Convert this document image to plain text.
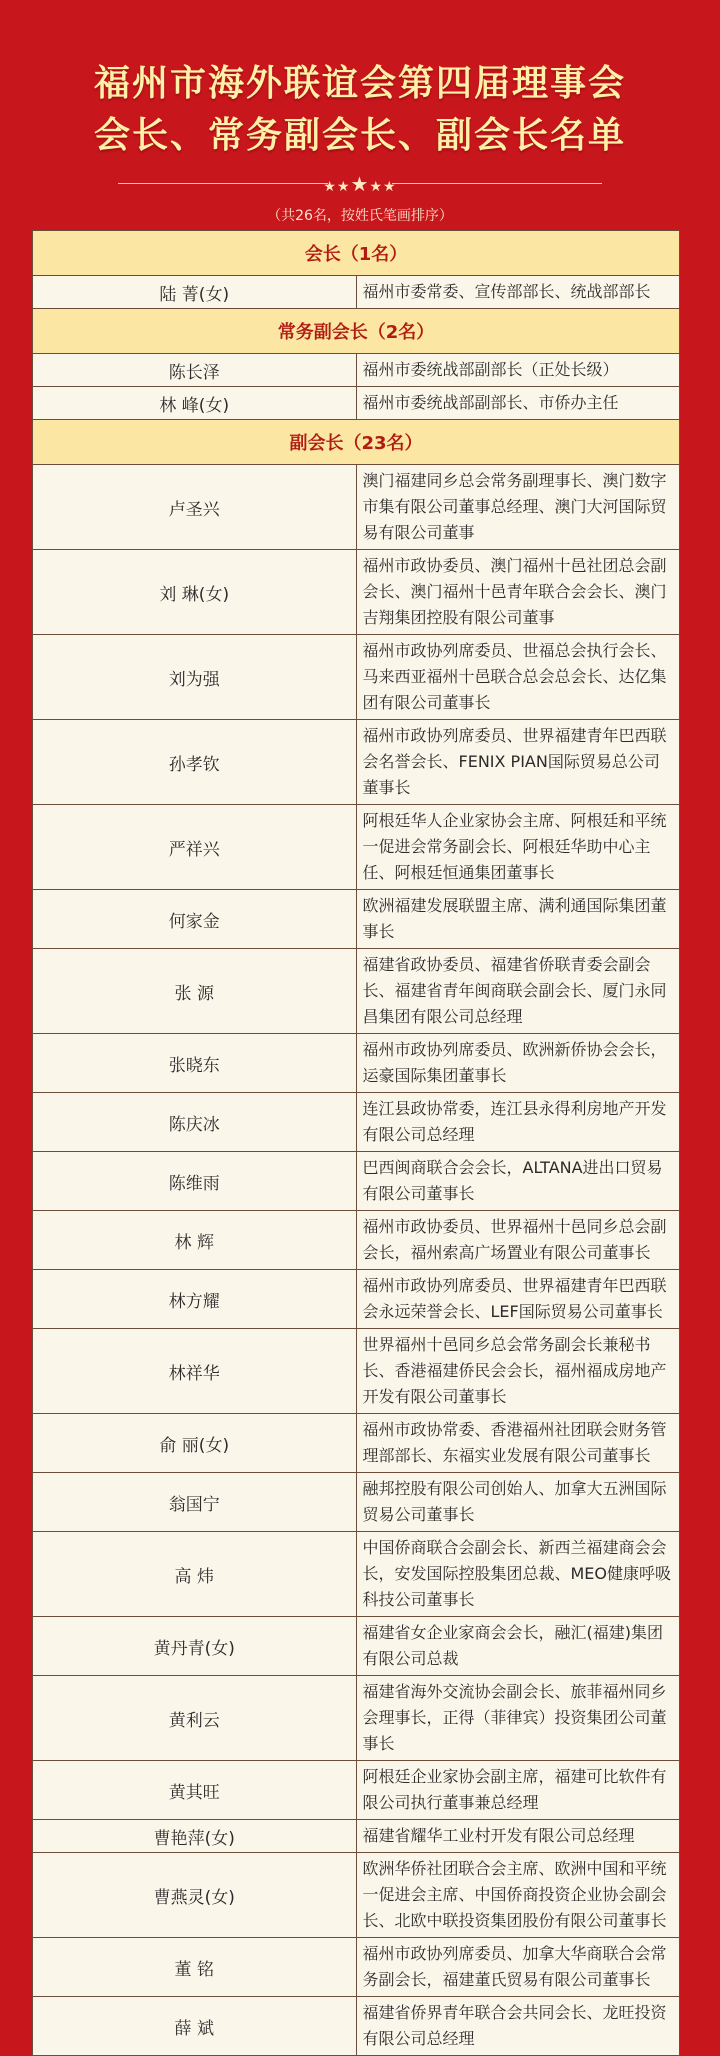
福州市海外联谊会第四届理事会
会长、常务副会长、副会长名单
★★★★★
（共26名，按姓氏笔画排序）
会长（1名）	
陆 菁(女)	福州市委常委、宣传部部长、统战部部长
常务副会长（2名）	
陈长泽	福州市委统战部副部长（正处长级）
林 峰(女)	福州市委统战部副部长、市侨办主任
副会长（23名）	
卢圣兴	澳门福建同乡总会常务副理事长、澳门数字市集有限公司董事总经理、澳门大河国际贸易有限公司董事
刘 琳(女)	福州市政协委员、澳门福州十邑社团总会副会长、澳门福州十邑青年联合会会长、澳门吉翔集团控股有限公司董事
刘为强	福州市政协列席委员、世福总会执行会长、马来西亚福州十邑联合总会总会长、达亿集团有限公司董事长
孙孝钦	福州市政协列席委员、世界福建青年巴西联会名誉会长、FENIX PIAN国际贸易总公司董事长
严祥兴	阿根廷华人企业家协会主席、阿根廷和平统一促进会常务副会长、阿根廷华助中心主任、阿根廷恒通集团董事长
何家金	欧洲福建发展联盟主席、满利通国际集团董事长
张 源	福建省政协委员、福建省侨联青委会副会长、福建省青年闽商联会副会长、厦门永同昌集团有限公司总经理
张晓东	福州市政协列席委员、欧洲新侨协会会长，运豪国际集团董事长
陈庆冰	连江县政协常委，连江县永得利房地产开发有限公司总经理
陈维雨	巴西闽商联合会会长，ALTANA进出口贸易有限公司董事长
林 辉	福州市政协委员、世界福州十邑同乡总会副会长，福州索高广场置业有限公司董事长
林方耀	福州市政协列席委员、世界福建青年巴西联会永远荣誉会长、LEF国际贸易公司董事长
林祥华	世界福州十邑同乡总会常务副会长兼秘书长、香港福建侨民会会长，福州福成房地产开发有限公司董事长
俞 丽(女)	福州市政协常委、香港福州社团联会财务管理部部长、东福实业发展有限公司董事长
翁国宁	融邦控股有限公司创始人、加拿大五洲国际贸易公司董事长
高 炜	中国侨商联合会副会长、新西兰福建商会会长，安发国际控股集团总裁、MEO健康呼吸科技公司董事长
黄丹青(女)	福建省女企业家商会会长，融汇(福建)集团有限公司总裁
黄利云	福建省海外交流协会副会长、旅菲福州同乡会理事长，正得（菲律宾）投资集团公司董事长
黄其旺	阿根廷企业家协会副主席，福建可比软件有限公司执行董事兼总经理
曹艳萍(女)	福建省耀华工业村开发有限公司总经理
曹燕灵(女)	欧洲华侨社团联合会主席、欧洲中国和平统一促进会主席、中国侨商投资企业协会副会长、北欧中联投资集团股份有限公司董事长
董 铭	福州市政协列席委员、加拿大华商联合会常务副会长，福建董氏贸易有限公司董事长
薛 斌	福建省侨界青年联合会共同会长、龙旺投资有限公司总经理
